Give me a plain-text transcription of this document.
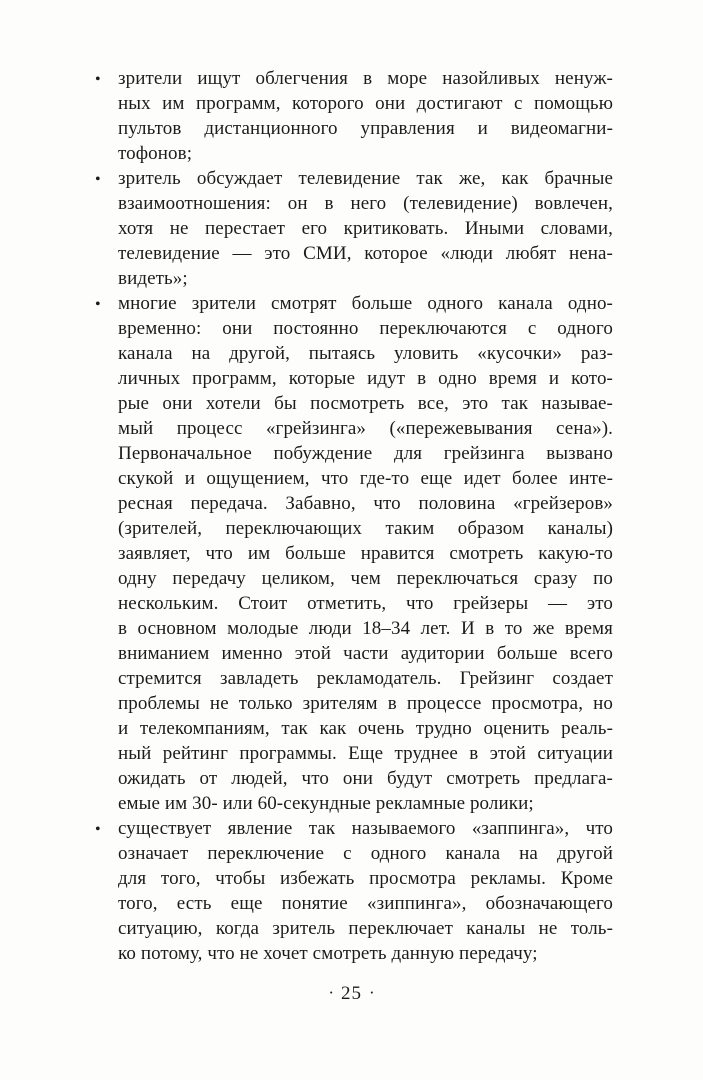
• зрители ищут облегчения в море назойливых ненуж-
ных им программ, которого они достигают с помощью
пультов дистанционного управления и видеомагни-
тофонов;
• зритель обсуждает телевидение так же, как брачные
взаимоотношения: он в него (телевидение) вовлечен,
хотя не перестает его критиковать. Иными словами,
телевидение — это СМИ, которое «люди любят нена-
видеть»;
• многие зрители смотрят больше одного канала одно-
временно: они постоянно переключаются с одного
канала на другой, пытаясь уловить «кусочки» раз-
личных программ, которые идут в одно время и кото-
рые они хотели бы посмотреть все, это так называе-
мый процесс «грейзинга» («пережевывания сена»).
Первоначальное побуждение для грейзинга вызвано
скукой и ощущением, что где-то еще идет более инте-
ресная передача. Забавно, что половина «грейзеров»
(зрителей, переключающих таким образом каналы)
заявляет, что им больше нравится смотреть какую-то
одну передачу целиком, чем переключаться сразу по
нескольким. Стоит отметить, что грейзеры — это
в основном молодые люди 18–34 лет. И в то же время
вниманием именно этой части аудитории больше всего
стремится завладеть рекламодатель. Грейзинг создает
проблемы не только зрителям в процессе просмотра, но
и телекомпаниям, так как очень трудно оценить реаль-
ный рейтинг программы. Еще труднее в этой ситуации
ожидать от людей, что они будут смотреть предлага-
емые им 30- или 60-секундные рекламные ролики;
• существует явление так называемого «заппинга», что
означает переключение с одного канала на другой
для того, чтобы избежать просмотра рекламы. Кроме
того, есть еще понятие «зиппинга», обозначающего
ситуацию, когда зритель переключает каналы не толь-
ко потому, что не хочет смотреть данную передачу;
· 25 ·
